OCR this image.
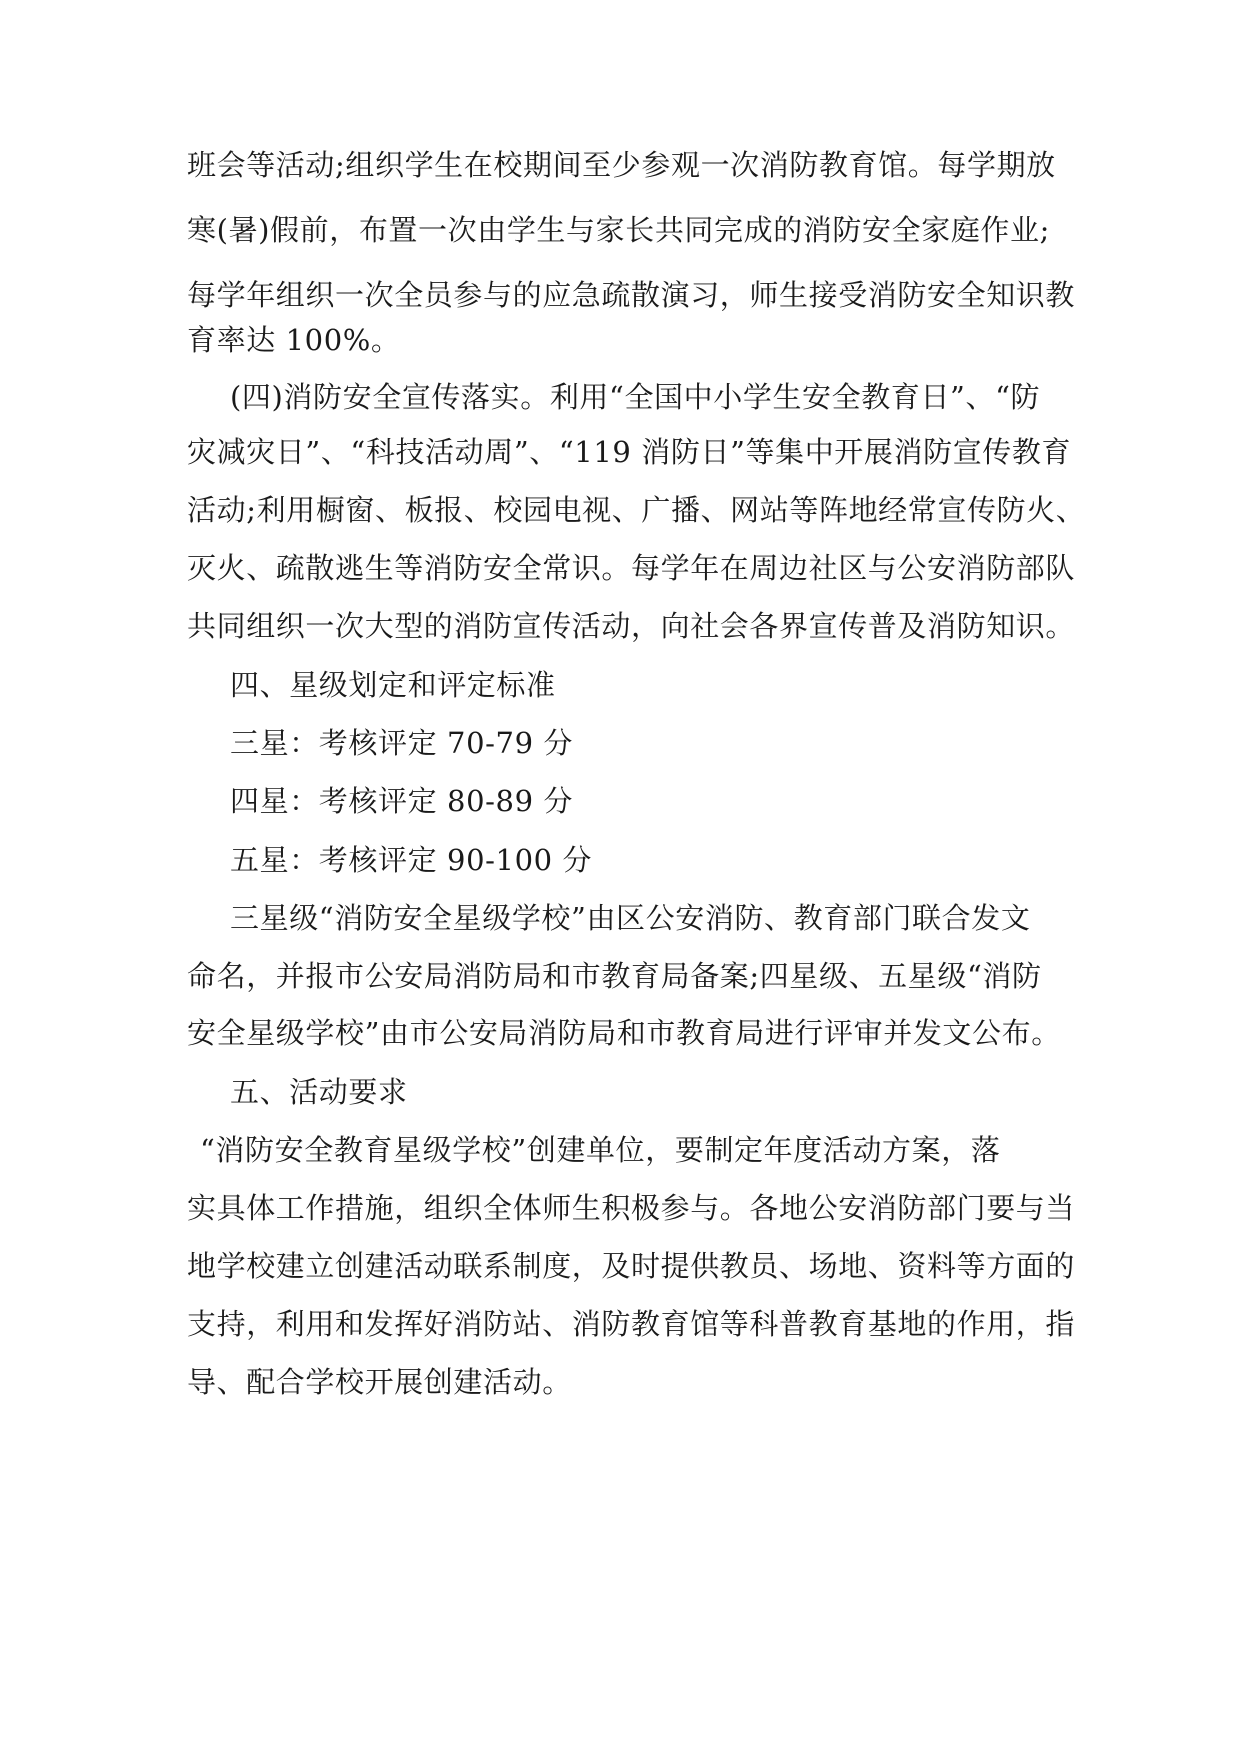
班会等活动;组织学生在校期间至少参观一次消防教育馆。每学期放
寒(暑)假前，布置一次由学生与家长共同完成的消防安全家庭作业;
每学年组织一次全员参与的应急疏散演习，师生接受消防安全知识教
育率达 100%。
(四)消防安全宣传落实。利用“全国中小学生安全教育日”、“防
灾减灾日”、“科技活动周”、“119 消防日”等集中开展消防宣传教育
活动;利用橱窗、板报、校园电视、广播、网站等阵地经常宣传防火、
灭火、疏散逃生等消防安全常识。每学年在周边社区与公安消防部队
共同组织一次大型的消防宣传活动，向社会各界宣传普及消防知识。
四、星级划定和评定标准
三星：考核评定 70-79 分
四星：考核评定 80-89 分
五星：考核评定 90-100 分
三星级“消防安全星级学校”由区公安消防、教育部门联合发文
命名，并报市公安局消防局和市教育局备案;四星级、五星级“消防
安全星级学校”由市公安局消防局和市教育局进行评审并发文公布。
五、活动要求
“消防安全教育星级学校”创建单位，要制定年度活动方案，落
实具体工作措施，组织全体师生积极参与。各地公安消防部门要与当
地学校建立创建活动联系制度，及时提供教员、场地、资料等方面的
支持，利用和发挥好消防站、消防教育馆等科普教育基地的作用，指
导、配合学校开展创建活动。
